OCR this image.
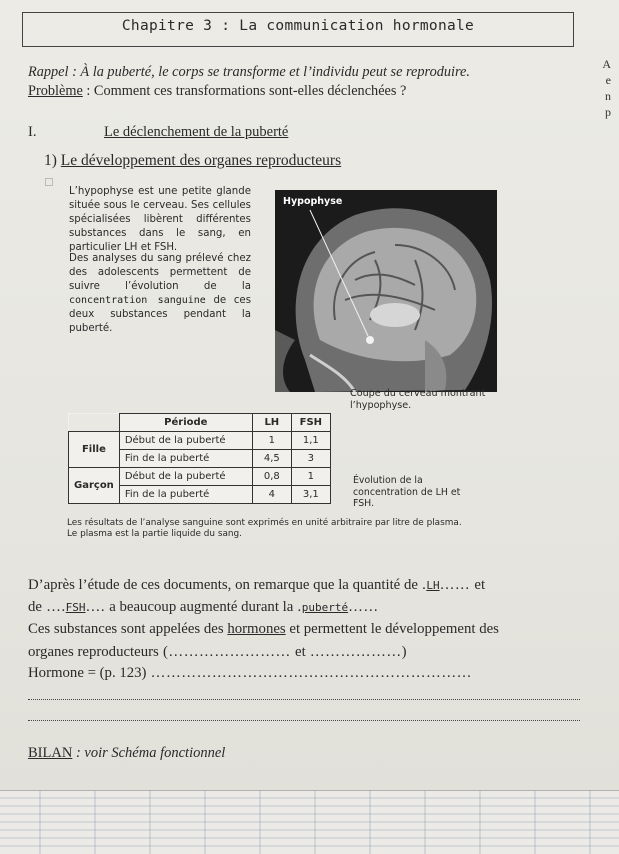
Chapitre 3 : La communication hormonale
A
e
n
p
Rappel : À la puberté, le corps se transforme et l’individu peut se reproduire.
Problème : Comment ces transformations sont-elles déclenchées ?
I.	Le déclenchement de la puberté
1) Le développement des organes reproducteurs
L’hypophyse est une petite glande située sous le cerveau. Ses cellules spécialisées libèrent différentes substances dans le sang, en particulier LH et FSH.
Des analyses du sang prélevé chez des adolescents permettent de suivre l’évolution de la concentration sanguine de ces deux substances pendant la puberté.
Hypophyse
Coupe du cerveau montrant
l’hypophyse.
	Période	LH	FSH
Fille	Début de la puberté	1	1,1
	Fin de la puberté	4,5	3
Garçon	Début de la puberté	0,8	1
	Fin de la puberté	4	3,1
Évolution de la
concentration de LH et
FSH.
Les résultats de l’analyse sanguine sont exprimés en unité arbitraire par litre de plasma.
Le plasma est la partie liquide du sang.
D’après l’étude de ces documents, on remarque que la quantité de .LH…… et
de ….FSH…. a beaucoup augmenté durant la .puberté……
Ces substances sont appelées des hormones et permettent le développement des
organes reproducteurs (…………………… et ………………)
Hormone = (p. 123) ………………………………………………………
BILAN : voir Schéma fonctionnel
